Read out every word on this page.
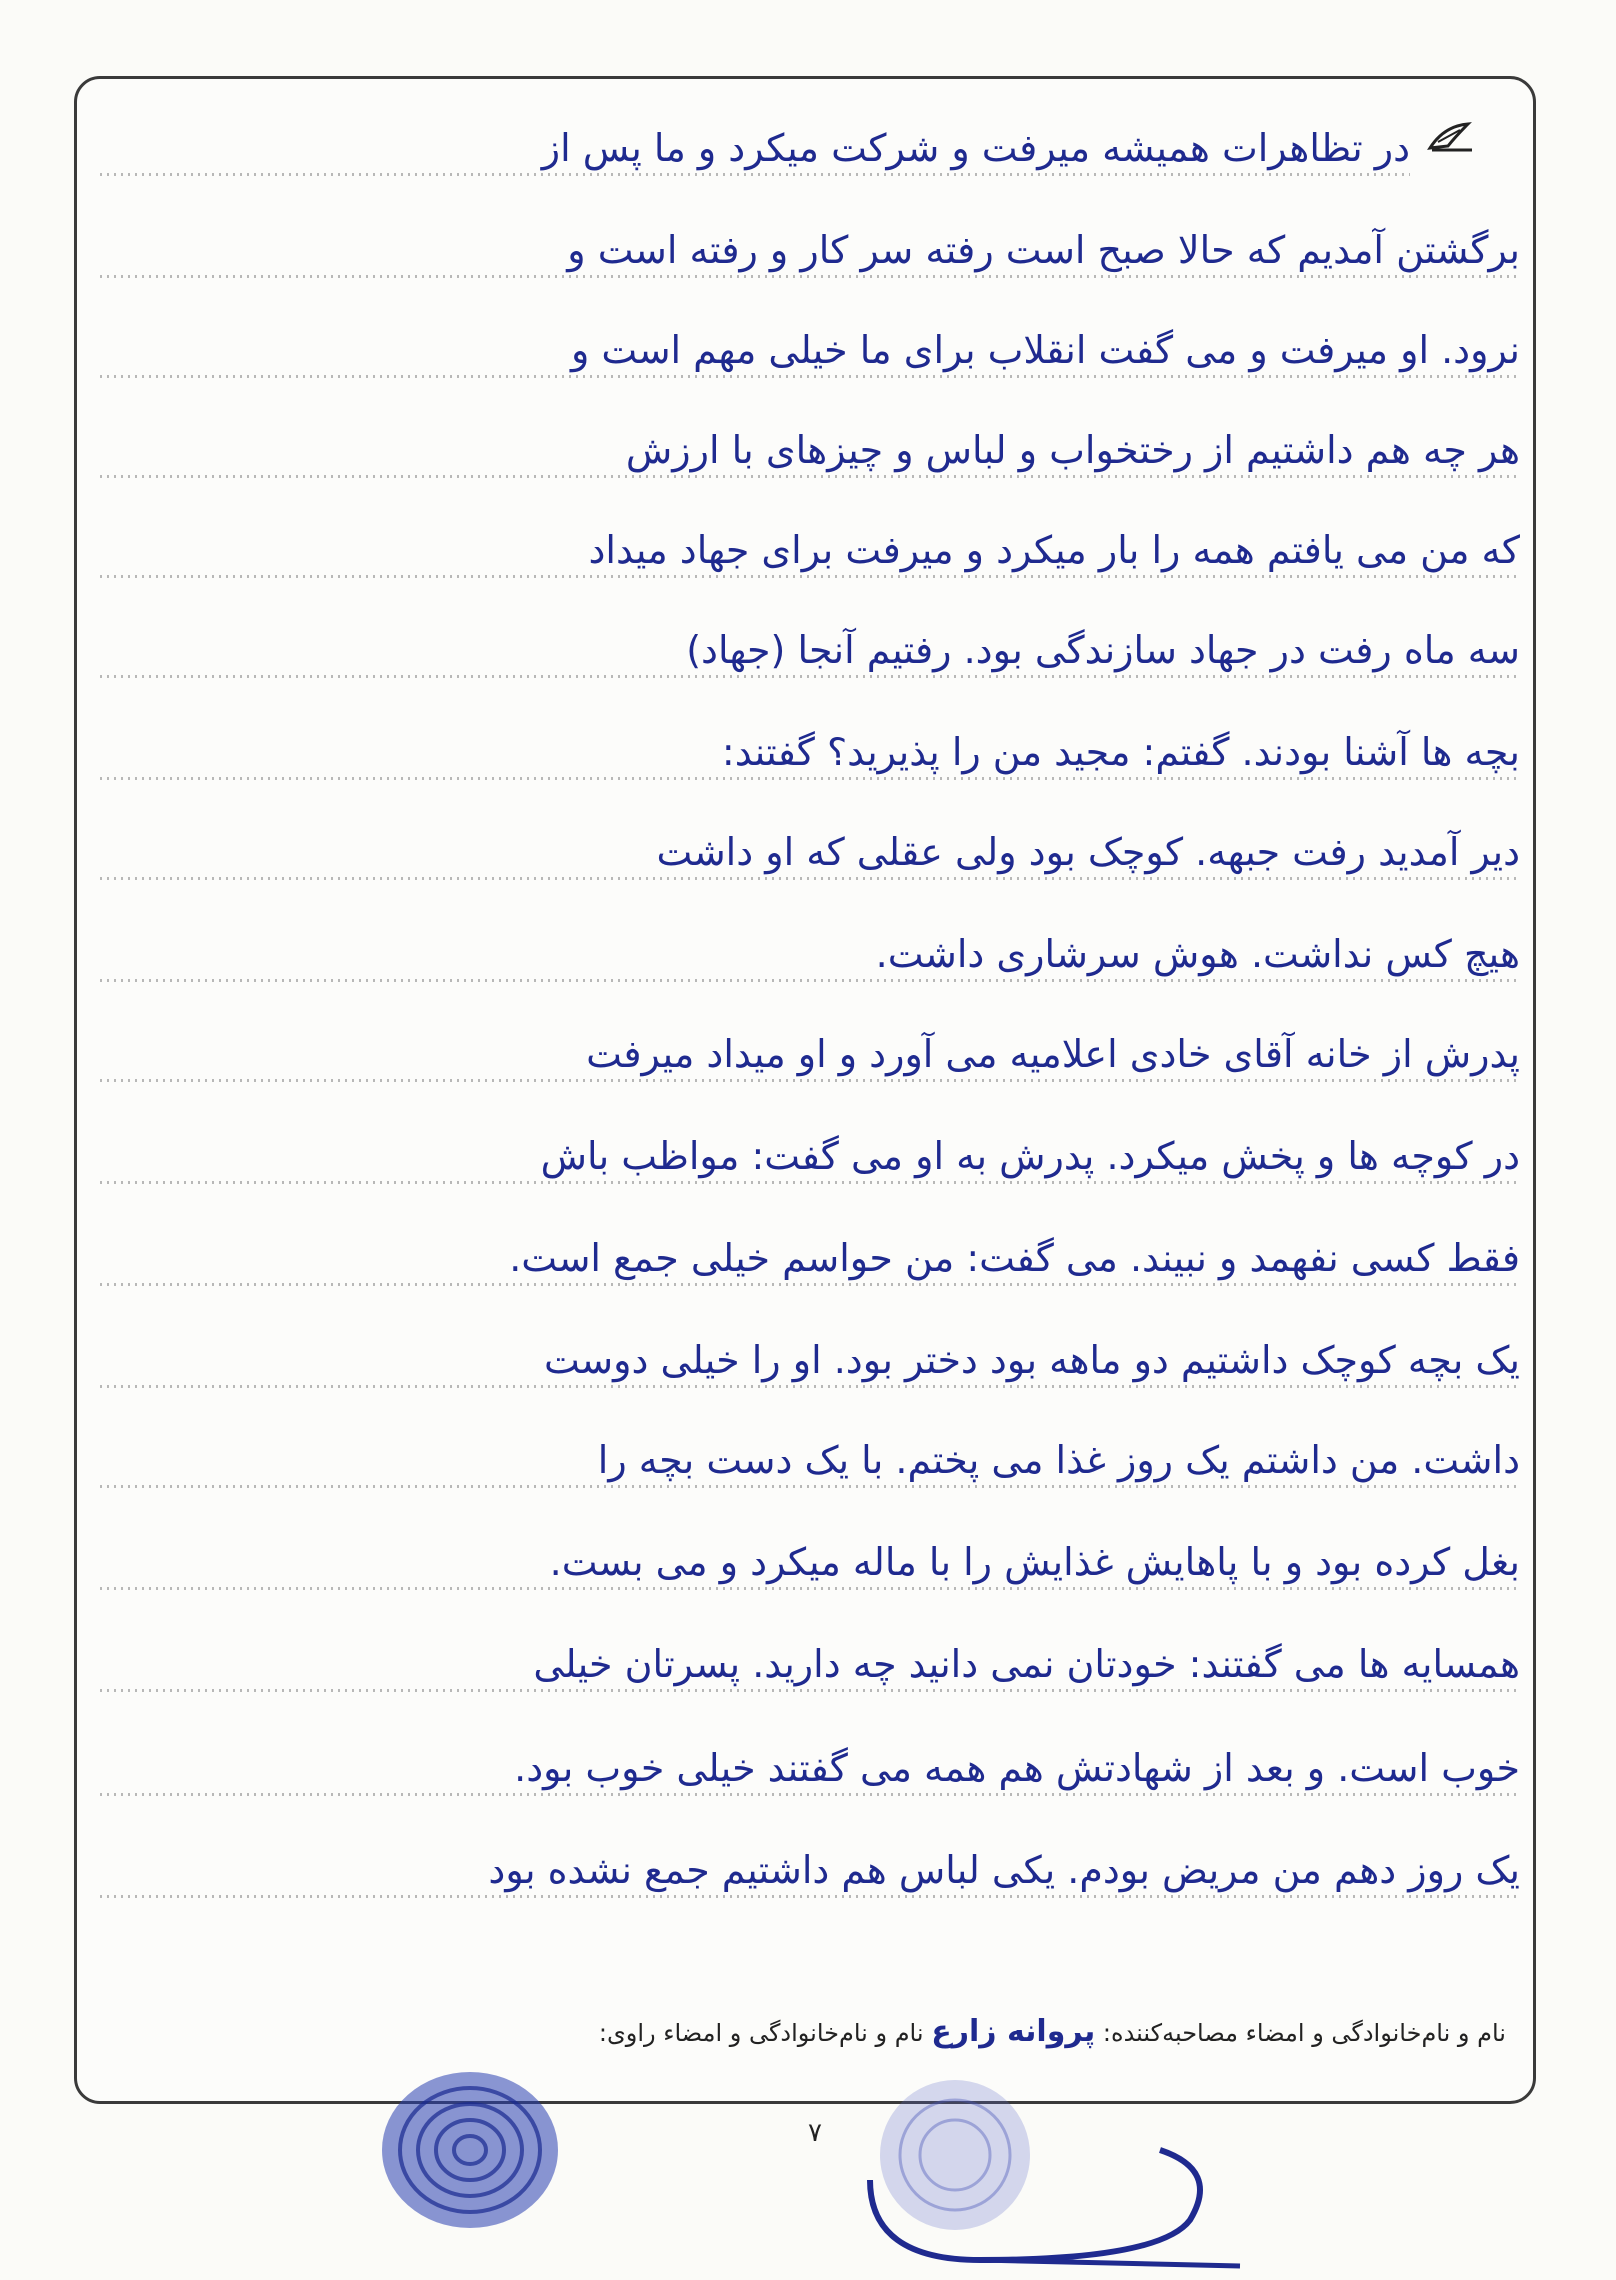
در تظاهرات همیشه میرفت و شرکت میکرد و ما پس از
برگشتن آمدیم که حالا صبح است رفته سر کار و رفته است و
نرود. او میرفت و می گفت انقلاب برای ما خیلی مهم است و
هر چه هم داشتیم از رختخواب و لباس و چیزهای با ارزش
که من می یافتم همه را بار میکرد و میرفت برای جهاد میداد
سه ماه رفت در جهاد سازندگی بود. رفتیم آنجا (جهاد)
بچه ها آشنا بودند. گفتم: مجید من را پذیرید؟ گفتند:
دیر آمدید رفت جبهه. کوچک بود ولی عقلی که او داشت
هیچ کس نداشت. هوش سرشاری داشت.
پدرش از خانه آقای خادی اعلامیه می آورد و او میداد میرفت
در کوچه ها و پخش میکرد. پدرش به او می گفت: مواظب باش
فقط کسی نفهمد و نبیند. می گفت: من حواسم خیلی جمع است.
یک بچه کوچک داشتیم دو ماهه بود دختر بود. او را خیلی دوست
داشت. من داشتم یک روز غذا می پختم. با یک دست بچه را
بغل کرده بود و با پاهایش غذایش را با ماله میکرد و می بست.
همسایه ها می گفتند: خودتان نمی دانید چه دارید. پسرتان خیلی
خوب است. و بعد از شهادتش هم همه می گفتند خیلی خوب بود.
یک روز دهم من مریض بودم. یکی لباس هم داشتیم جمع نشده بود
نام و نام‌خانوادگی و امضاء مصاحبه‌کننده: پروانه زارع نام و نام‌خانوادگی و امضاء راوی:
۷
